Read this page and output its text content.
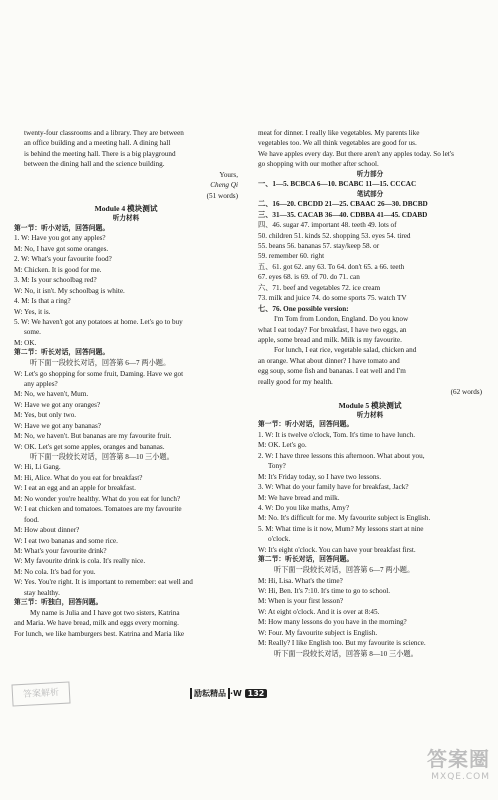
twenty-four classrooms and a library. They are between
an office building and a meeting hall. A dining hall
is behind the meeting hall. There is a big playground
between the dining hall and the science building.
Yours,
Cheng Qi
(51 words)
Module 4 模块测试
听力材料
第一节：听小对话，回答问题。
1. W: Have you got any apples?
M: No, I have got some oranges.
2. W: What's your favourite food?
M: Chicken. It is good for me.
3. M: Is your schoolbag red?
W: No, it isn't. My schoolbag is white.
4. M: Is that a ring?
W: Yes, it is.
5. W: We haven't got any potatoes at home. Let's go to buy
some.
M: OK.
第二节：听长对话，回答问题。
听下面一段较长对话，回答第 6—7 两小题。
W: Let's go shopping for some fruit, Daming. Have we got
any apples?
M: No, we haven't, Mum.
W: Have we got any oranges?
M: Yes, but only two.
W: Have we got any bananas?
M: No, we haven't. But bananas are my favourite fruit.
W: OK. Let's get some apples, oranges and bananas.
听下面一段较长对话，回答第 8—10 三小题。
W: Hi, Li Gang.
M: Hi, Alice. What do you eat for breakfast?
W: I eat an egg and an apple for breakfast.
M: No wonder you're healthy. What do you eat for lunch?
W: I eat chicken and tomatoes. Tomatoes are my favourite
food.
M: How about dinner?
W: I eat two bananas and some rice.
M: What's your favourite drink?
W: My favourite drink is cola. It's really nice.
M: No cola. It's bad for you.
W: Yes. You're right. It is important to remember: eat well and
stay healthy.
第三节：听独白，回答问题。
My name is Julia and I have got two sisters, Katrina
and Maria. We have bread, milk and eggs every morning.
For lunch, we like hamburgers best. Katrina and Maria like
meat for dinner. I really like vegetables. My parents like
vegetables too. We all think vegetables are good for us.
We have apples every day. But there aren't any apples today. So let's
go shopping with our mother after school.
听力部分
一、1—5. BCBCA 6—10. BCABC 11—15. CCCAC
笔试部分
二、16—20. CBCDD 21—25. CBAAC 26—30. DBCBD
三、31—35. CACAB 36—40. CDBBA 41—45. CDABD
四、46. sugar 47. important 48. teeth 49. lots of
50. children 51. kinds 52. shopping 53. eyes 54. tired
55. beans 56. bananas 57. stay/keep 58. or
59. remember 60. right
五、61. got 62. any 63. To 64. don't 65. a 66. teeth
67. eyes 68. is 69. of 70. do 71. can
六、71. beef and vegetables 72. ice cream
73. milk and juice 74. do some sports 75. watch TV
七、76. One possible version:
I'm Tom from London, England. Do you know
what I eat today? For breakfast, I have two eggs, an
apple, some bread and milk. Milk is my favourite.
For lunch, I eat rice, vegetable salad, chicken and
an orange. What about dinner? I have tomato and
egg soup, some fish and bananas. I eat well and I'm
really good for my health.
(62 words)
Module 5 模块测试
听力材料
第一节：听小对话，回答问题。
1. W: It is twelve o'clock, Tom. It's time to have lunch.
M: OK. Let's go.
2. W: I have three lessons this afternoon. What about you,
Tony?
M: It's Friday today, so I have two lessons.
3. W: What do your family have for breakfast, Jack?
M: We have bread and milk.
4. W: Do you like maths, Amy?
M: No. It's difficult for me. My favourite subject is English.
5. M: What time is it now, Mum? My lessons start at nine
o'clock.
W: It's eight o'clock. You can have your breakfast first.
第二节：听长对话，回答问题。
听下面一段较长对话，回答第 6—7 两小题。
M: Hi, Lisa. What's the time?
W: Hi, Ben. It's 7:10. It's time to go to school.
M: When is your first lesson?
W: At eight o'clock. And it is over at 8:45.
M: How many lessons do you have in the morning?
W: Four. My favourite subject is English.
M: Really? I like English too. But my favourite is science.
听下面一段较长对话，回答第 8—10 三小题。
答案解析	励耘精品 ·W 132
答案圈
MXQE.COM
